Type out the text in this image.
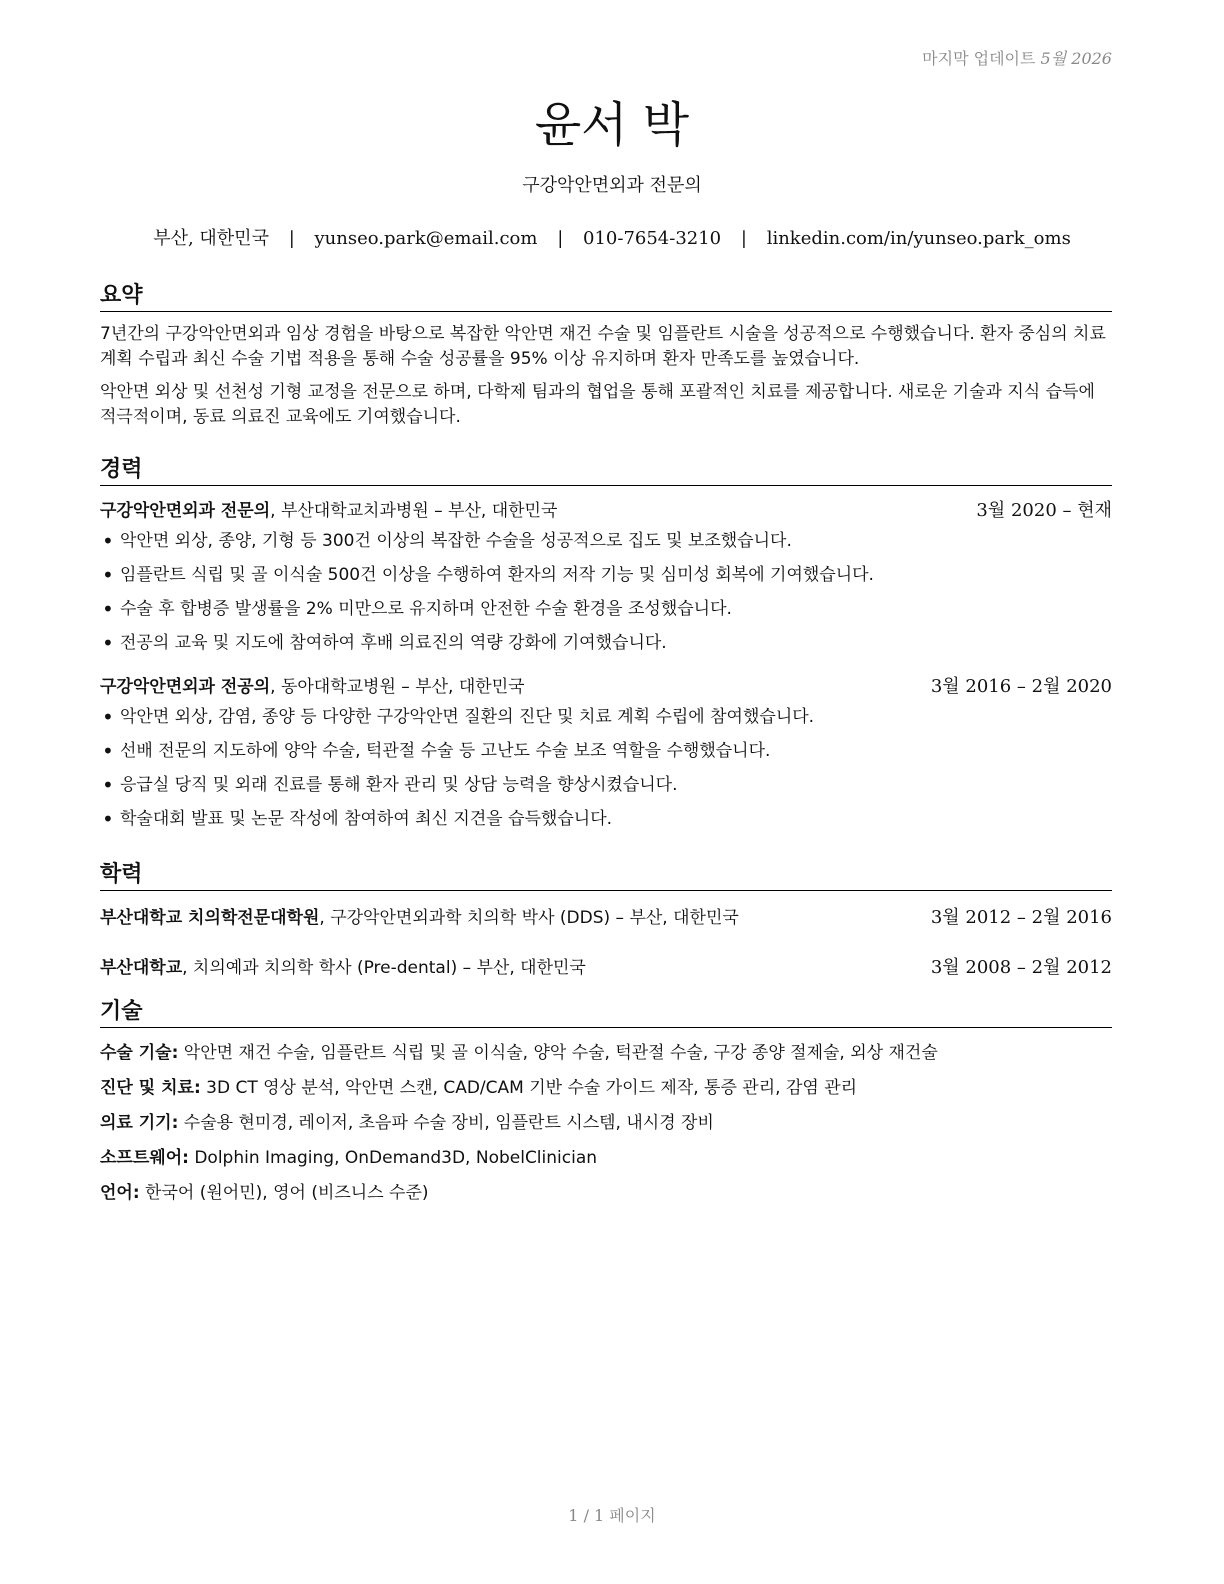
마지막 업데이트 5월 2026
윤서 박
구강악안면외과 전문의
부산, 대한민국 | yunseo.park@email.com | 010-7654-3210 | linkedin.com/in/yunseo.park_oms
요약

7년간의 구강악안면외과 임상 경험을 바탕으로 복잡한 악안면 재건 수술 및 임플란트 시술을 성공적으로 수행했습니다. 환자 중심의 치료 계획 수립과 최신 수술 기법 적용을 통해 수술 성공률을 95% 이상 유지하며 환자 만족도를 높였습니다.

악안면 외상 및 선천성 기형 교정을 전문으로 하며, 다학제 팀과의 협업을 통해 포괄적인 치료를 제공합니다. 새로운 기술과 지식 습득에 적극적이며, 동료 의료진 교육에도 기여했습니다.

경력
구강악안면외과 전문의, 부산대학교치과병원 – 부산, 대한민국	3월 2020 – 현재
• 악안면 외상, 종양, 기형 등 300건 이상의 복잡한 수술을 성공적으로 집도 및 보조했습니다.
• 임플란트 식립 및 골 이식술 500건 이상을 수행하여 환자의 저작 기능 및 심미성 회복에 기여했습니다.
• 수술 후 합병증 발생률을 2% 미만으로 유지하며 안전한 수술 환경을 조성했습니다.
• 전공의 교육 및 지도에 참여하여 후배 의료진의 역량 강화에 기여했습니다.
구강악안면외과 전공의, 동아대학교병원 – 부산, 대한민국	3월 2016 – 2월 2020
• 악안면 외상, 감염, 종양 등 다양한 구강악안면 질환의 진단 및 치료 계획 수립에 참여했습니다.
• 선배 전문의 지도하에 양악 수술, 턱관절 수술 등 고난도 수술 보조 역할을 수행했습니다.
• 응급실 당직 및 외래 진료를 통해 환자 관리 및 상담 능력을 향상시켰습니다.
• 학술대회 발표 및 논문 작성에 참여하여 최신 지견을 습득했습니다.
학력
부산대학교 치의학전문대학원, 구강악안면외과학 치의학 박사 (DDS) – 부산, 대한민국	3월 2012 – 2월 2016
부산대학교, 치의예과 치의학 학사 (Pre-dental) – 부산, 대한민국	3월 2008 – 2월 2012
기술
수술 기술: 악안면 재건 수술, 임플란트 식립 및 골 이식술, 양악 수술, 턱관절 수술, 구강 종양 절제술, 외상 재건술
진단 및 치료: 3D CT 영상 분석, 악안면 스캔, CAD/CAM 기반 수술 가이드 제작, 통증 관리, 감염 관리
의료 기기: 수술용 현미경, 레이저, 초음파 수술 장비, 임플란트 시스템, 내시경 장비
소프트웨어: Dolphin Imaging, OnDemand3D, NobelClinician
언어: 한국어 (원어민), 영어 (비즈니스 수준)
1 / 1 페이지
